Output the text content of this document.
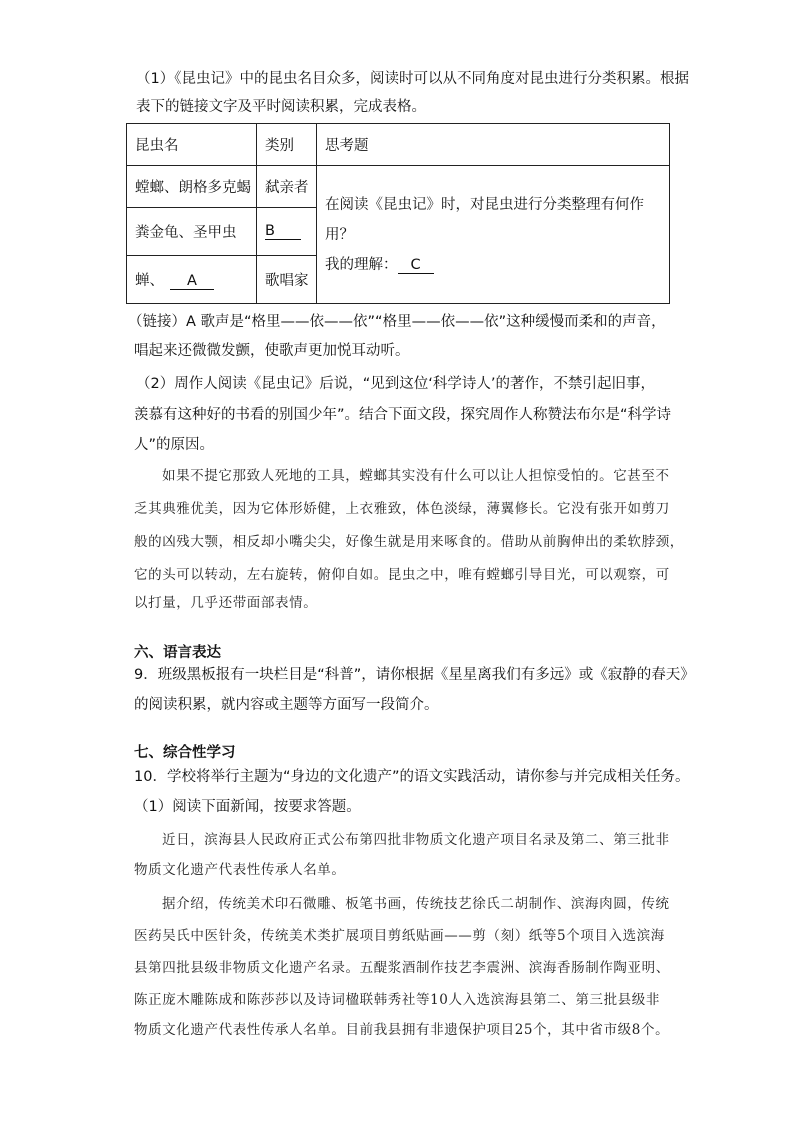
（1）《昆虫记》中的昆虫名目众多，阅读时可以从不同角度对昆虫进行分类积累。根据
表下的链接文字及平时阅读积累，完成表格。
昆虫名	类别	思考题
螳螂、朗格多克蝎	弑亲者	在阅读《昆虫记》时，对昆虫进行分类整理有何作用？
我的理解： C

粪金龟、圣甲虫	B	
蝉、 A	歌唱家	
（链接）A 歌声是“格里——依——依”“格里——依——依”这种缓慢而柔和的声音，
唱起来还微微发颤，使歌声更加悦耳动听。
（2）周作人阅读《昆虫记》后说，“见到这位‘科学诗人’的著作，不禁引起旧事，
羡慕有这种好的书看的别国少年”。结合下面文段，探究周作人称赞法布尔是“科学诗
人”的原因。
如果不提它那致人死地的工具，螳螂其实没有什么可以让人担惊受怕的。它甚至不
乏其典雅优美，因为它体形娇健，上衣雅致，体色淡绿，薄翼修长。它没有张开如剪刀
般的凶残大颚，相反却小嘴尖尖，好像生就是用来啄食的。借助从前胸伸出的柔软脖颈，
它的头可以转动，左右旋转，俯仰自如。昆虫之中，唯有螳螂引导目光，可以观察，可
以打量，几乎还带面部表情。
六、语言表达
9．班级黑板报有一块栏目是“科普”，请你根据《星星离我们有多远》或《寂静的春天》
的阅读积累，就内容或主题等方面写一段简介。
七、综合性学习
10．学校将举行主题为“身边的文化遗产”的语文实践活动，请你参与并完成相关任务。
（1）阅读下面新闻，按要求答题。
近日，滨海县人民政府正式公布第四批非物质文化遗产项目名录及第二、第三批非
物质文化遗产代表性传承人名单。
据介绍，传统美术印石微雕、板笔书画，传统技艺徐氏二胡制作、滨海肉圆，传统
医药吴氏中医针灸，传统美术类扩展项目剪纸贴画——剪（刻）纸等5个项目入选滨海
县第四批县级非物质文化遗产名录。五醍浆酒制作技艺李震洲、滨海香肠制作陶亚明、
陈正庞木雕陈成和陈莎莎以及诗词楹联韩秀社等10人入选滨海县第二、第三批县级非
物质文化遗产代表性传承人名单。目前我县拥有非遗保护项目25个，其中省市级8个。
